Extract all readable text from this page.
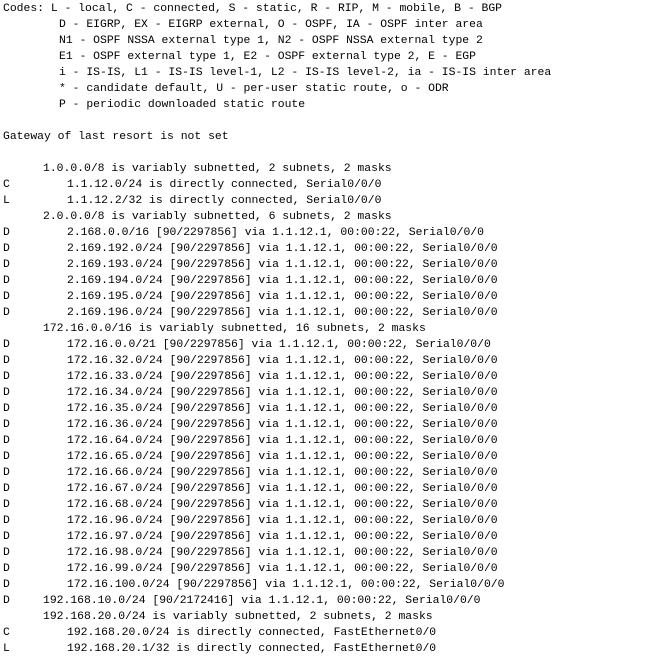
Codes: L - local, C - connected, S - static, R - RIP, M - mobile, B - BGP
D - EIGRP, EX - EIGRP external, O - OSPF, IA - OSPF inter area
N1 - OSPF NSSA external type 1, N2 - OSPF NSSA external type 2
E1 - OSPF external type 1, E2 - OSPF external type 2, E - EGP
i - IS-IS, L1 - IS-IS level-1, L2 - IS-IS level-2, ia - IS-IS inter area
* - candidate default, U - per-user static route, o - ODR
P - periodic downloaded static route
Gateway of last resort is not set
1.0.0.0/8 is variably subnetted, 2 subnets, 2 masks
C	1.1.12.0/24 is directly connected, Serial0/0/0
L	1.1.12.2/32 is directly connected, Serial0/0/0
2.0.0.0/8 is variably subnetted, 6 subnets, 2 masks
D	2.168.0.0/16 [90/2297856] via 1.1.12.1, 00:00:22, Serial0/0/0
D	2.169.192.0/24 [90/2297856] via 1.1.12.1, 00:00:22, Serial0/0/0
D	2.169.193.0/24 [90/2297856] via 1.1.12.1, 00:00:22, Serial0/0/0
D	2.169.194.0/24 [90/2297856] via 1.1.12.1, 00:00:22, Serial0/0/0
D	2.169.195.0/24 [90/2297856] via 1.1.12.1, 00:00:22, Serial0/0/0
D	2.169.196.0/24 [90/2297856] via 1.1.12.1, 00:00:22, Serial0/0/0
172.16.0.0/16 is variably subnetted, 16 subnets, 2 masks
D	172.16.0.0/21 [90/2297856] via 1.1.12.1, 00:00:22, Serial0/0/0
D	172.16.32.0/24 [90/2297856] via 1.1.12.1, 00:00:22, Serial0/0/0
D	172.16.33.0/24 [90/2297856] via 1.1.12.1, 00:00:22, Serial0/0/0
D	172.16.34.0/24 [90/2297856] via 1.1.12.1, 00:00:22, Serial0/0/0
D	172.16.35.0/24 [90/2297856] via 1.1.12.1, 00:00:22, Serial0/0/0
D	172.16.36.0/24 [90/2297856] via 1.1.12.1, 00:00:22, Serial0/0/0
D	172.16.64.0/24 [90/2297856] via 1.1.12.1, 00:00:22, Serial0/0/0
D	172.16.65.0/24 [90/2297856] via 1.1.12.1, 00:00:22, Serial0/0/0
D	172.16.66.0/24 [90/2297856] via 1.1.12.1, 00:00:22, Serial0/0/0
D	172.16.67.0/24 [90/2297856] via 1.1.12.1, 00:00:22, Serial0/0/0
D	172.16.68.0/24 [90/2297856] via 1.1.12.1, 00:00:22, Serial0/0/0
D	172.16.96.0/24 [90/2297856] via 1.1.12.1, 00:00:22, Serial0/0/0
D	172.16.97.0/24 [90/2297856] via 1.1.12.1, 00:00:22, Serial0/0/0
D	172.16.98.0/24 [90/2297856] via 1.1.12.1, 00:00:22, Serial0/0/0
D	172.16.99.0/24 [90/2297856] via 1.1.12.1, 00:00:22, Serial0/0/0
D	172.16.100.0/24 [90/2297856] via 1.1.12.1, 00:00:22, Serial0/0/0
D	192.168.10.0/24 [90/2172416] via 1.1.12.1, 00:00:22, Serial0/0/0
192.168.20.0/24 is variably subnetted, 2 subnets, 2 masks
C	192.168.20.0/24 is directly connected, FastEthernet0/0
L	192.168.20.1/32 is directly connected, FastEthernet0/0
